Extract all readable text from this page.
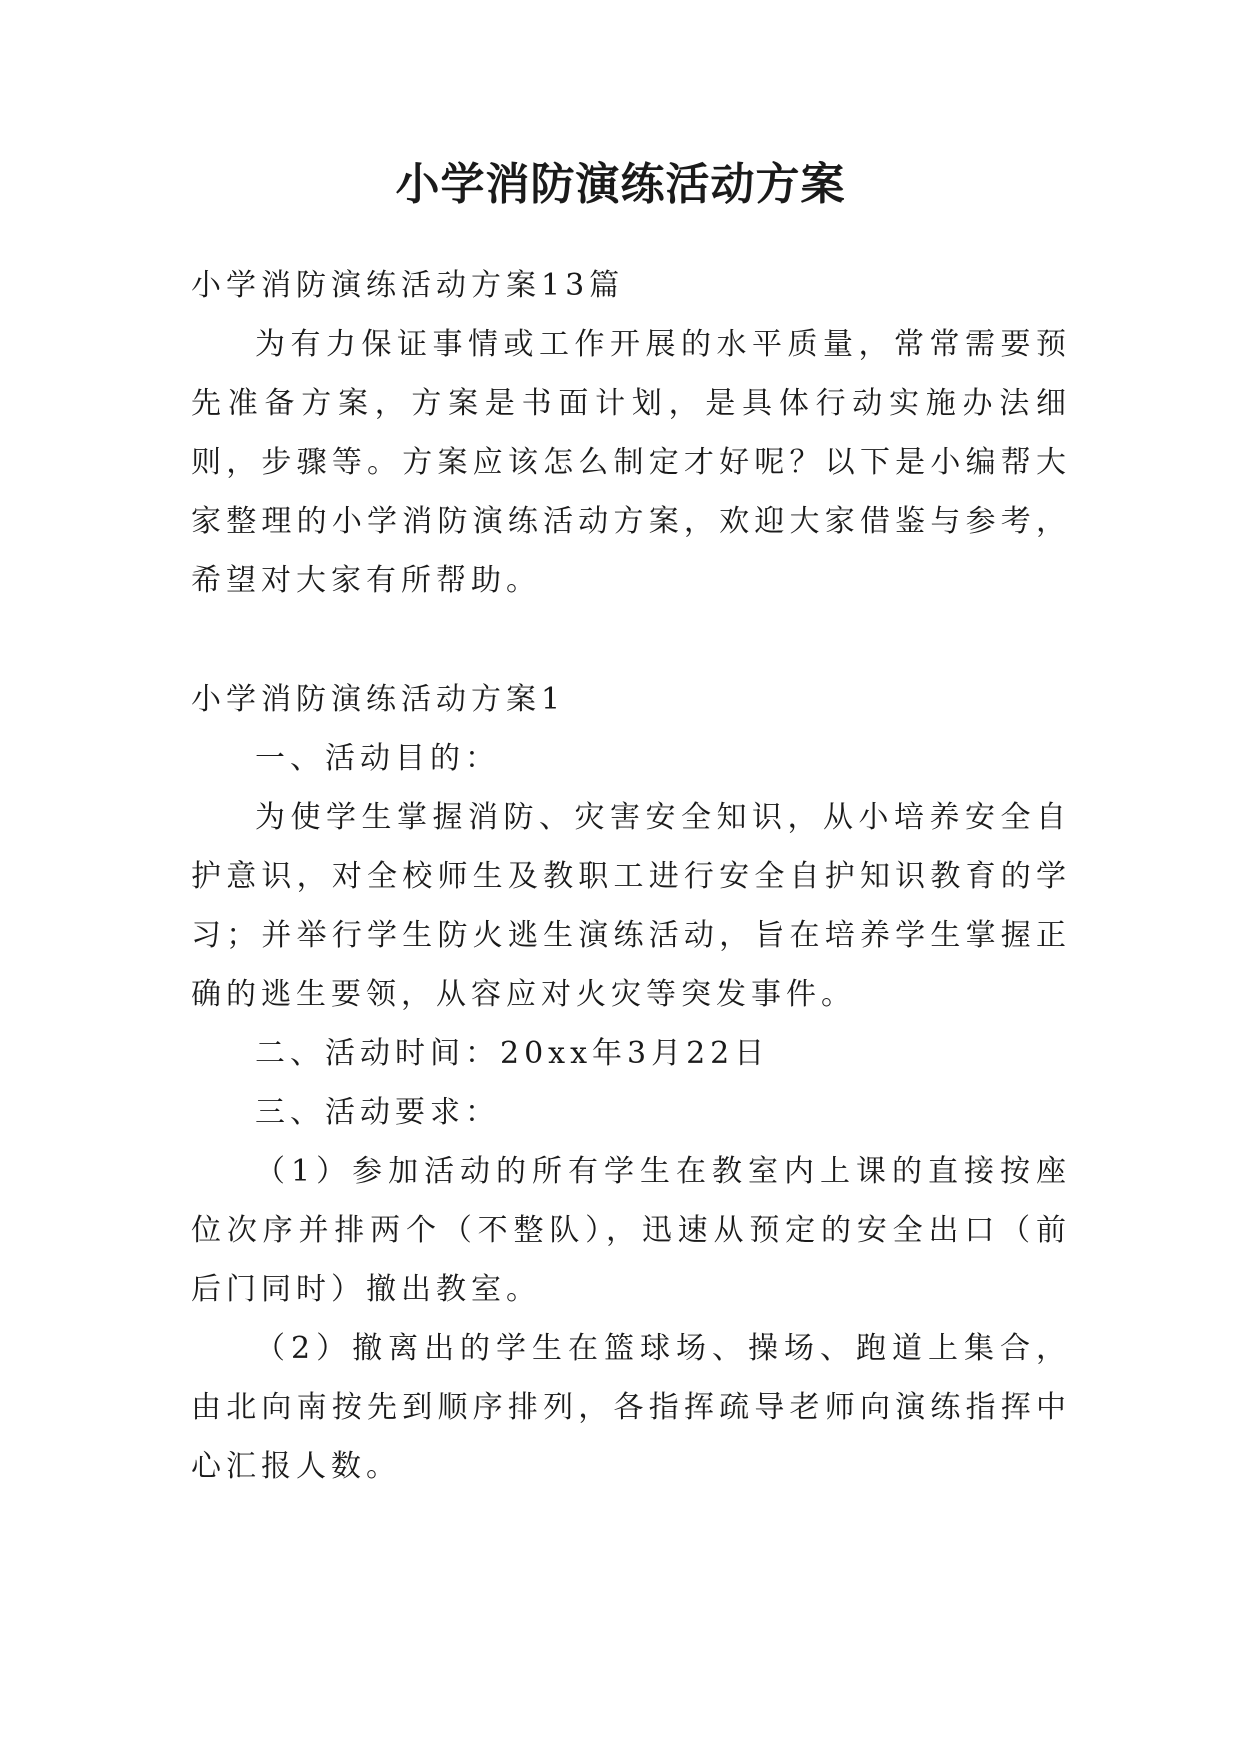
小学消防演练活动方案

小学消防演练活动方案13篇

为有力保证事情或工作开展的水平质量，常常需要预先准备方案，方案是书面计划，是具体行动实施办法细则，步骤等。方案应该怎么制定才好呢？以下是小编帮大家整理的小学消防演练活动方案，欢迎大家借鉴与参考，希望对大家有所帮助。

小学消防演练活动方案1

一、活动目的：

为使学生掌握消防、灾害安全知识，从小培养安全自护意识，对全校师生及教职工进行安全自护知识教育的学习；并举行学生防火逃生演练活动，旨在培养学生掌握正确的逃生要领，从容应对火灾等突发事件。

二、活动时间：20xx年3月22日

三、活动要求：

（1）参加活动的所有学生在教室内上课的直接按座位次序并排两个（不整队），迅速从预定的安全出口（前后门同时）撤出教室。

（2）撤离出的学生在篮球场、操场、跑道上集合，由北向南按先到顺序排列，各指挥疏导老师向演练指挥中心汇报人数。
